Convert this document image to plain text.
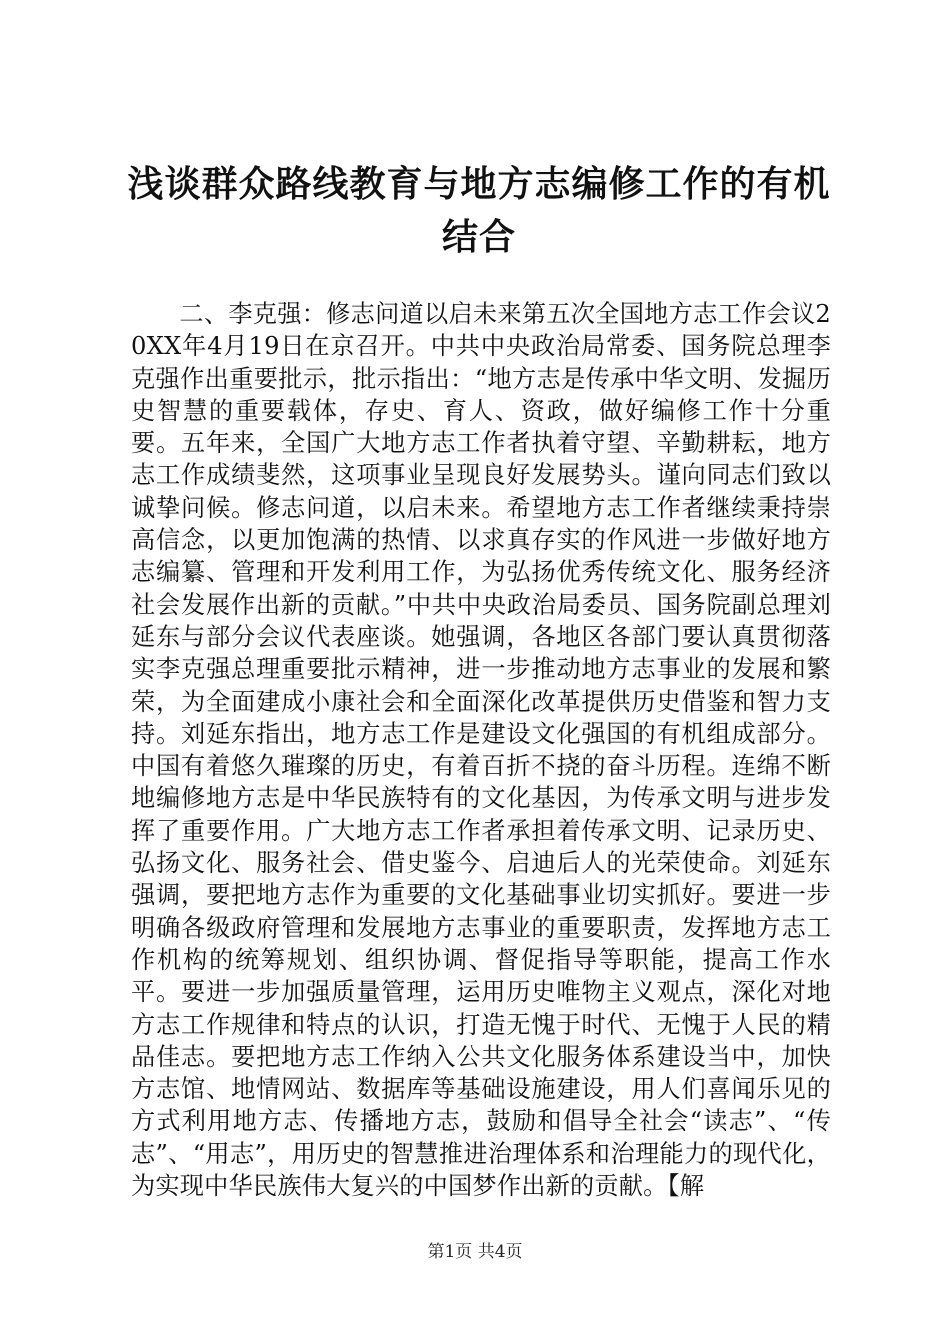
浅谈群众路线教育与地方志编修工作的有机结合

二、李克强：修志问道以启未来第五次全国地方志工作会议20XX年4月19日在京召开。中共中央政治局常委、国务院总理李克强作出重要批示，批示指出：“地方志是传承中华文明、发掘历史智慧的重要载体，存史、育人、资政，做好编修工作十分重要。五年来，全国广大地方志工作者执着守望、辛勤耕耘，地方志工作成绩斐然，这项事业呈现良好发展势头。谨向同志们致以诚挚问候。修志问道，以启未来。希望地方志工作者继续秉持崇高信念，以更加饱满的热情、以求真存实的作风进一步做好地方志编纂、管理和开发利用工作，为弘扬优秀传统文化、服务经济社会发展作出新的贡献。”中共中央政治局委员、国务院副总理刘延东与部分会议代表座谈。她强调，各地区各部门要认真贯彻落实李克强总理重要批示精神，进一步推动地方志事业的发展和繁荣，为全面建成小康社会和全面深化改革提供历史借鉴和智力支持。刘延东指出，地方志工作是建设文化强国的有机组成部分。中国有着悠久璀璨的历史，有着百折不挠的奋斗历程。连绵不断地编修地方志是中华民族特有的文化基因，为传承文明与进步发挥了重要作用。广大地方志工作者承担着传承文明、记录历史、弘扬文化、服务社会、借史鉴今、启迪后人的光荣使命。刘延东强调，要把地方志作为重要的文化基础事业切实抓好。要进一步明确各级政府管理和发展地方志事业的重要职责，发挥地方志工作机构的统筹规划、组织协调、督促指导等职能，提高工作水平。要进一步加强质量管理，运用历史唯物主义观点，深化对地方志工作规律和特点的认识，打造无愧于时代、无愧于人民的精品佳志。要把地方志工作纳入公共文化服务体系建设当中，加快方志馆、地情网站、数据库等基础设施建设，用人们喜闻乐见的方式利用地方志、传播地方志，鼓励和倡导全社会“读志”、“传志”、“用志”，用历史的智慧推进治理体系和治理能力的现代化，为实现中华民族伟大复兴的中国梦作出新的贡献。【解

第1页 共4页
